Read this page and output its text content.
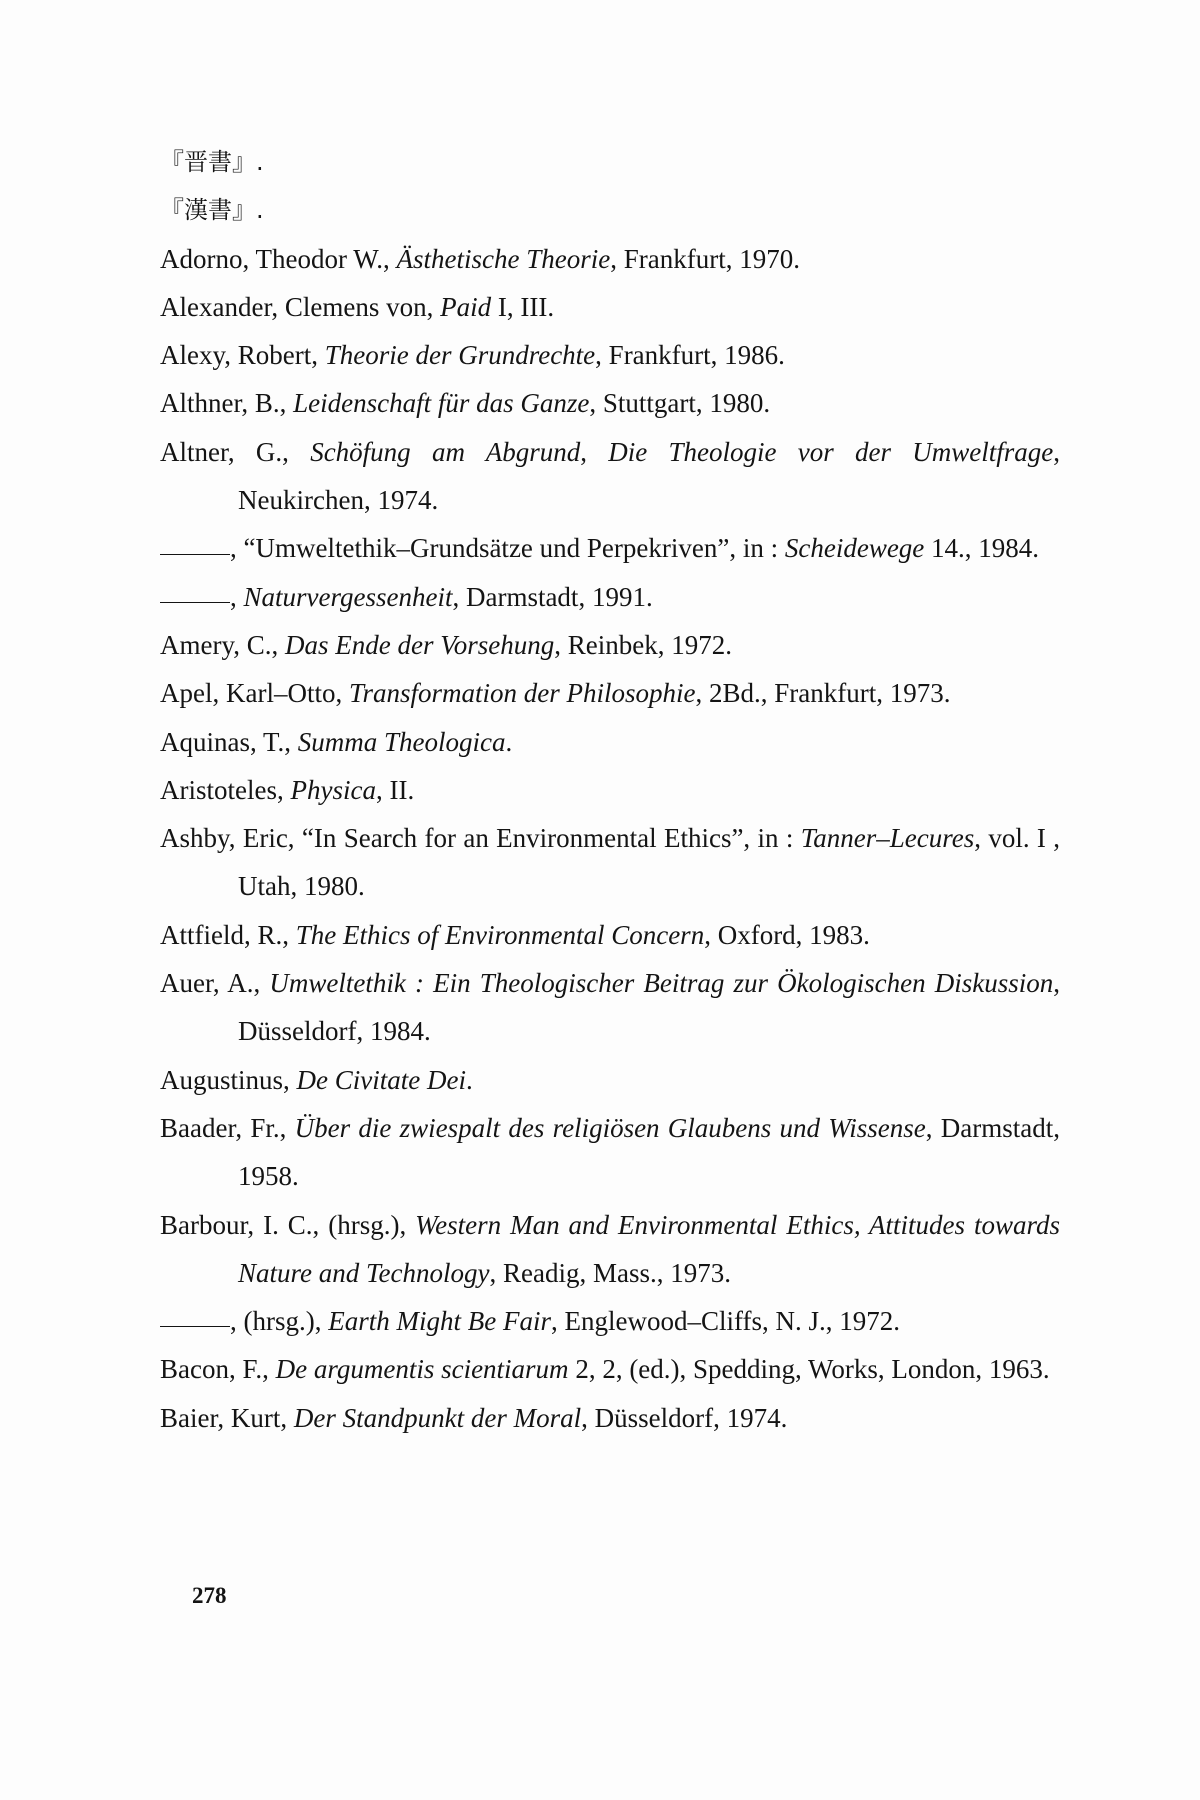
『晋書』.

『漢書』.

Adorno, Theodor W., Ästhetische Theorie, Frankfurt, 1970.

Alexander, Clemens von, Paid I, III.

Alexy, Robert, Theorie der Grundrechte, Frankfurt, 1986.

Althner, B., Leidenschaft für das Ganze, Stuttgart, 1980.

Altner, G., Schöfung am Abgrund, Die Theologie vor der Umweltfrage, Neukirchen, 1974.

, “Umweltethik–Grundsätze und Perpekriven”, in : Scheidewege 14., 1984.

, Naturvergessenheit, Darmstadt, 1991.

Amery, C., Das Ende der Vorsehung, Reinbek, 1972.

Apel, Karl–Otto, Transformation der Philosophie, 2Bd., Frankfurt, 1973.

Aquinas, T., Summa Theologica.

Aristoteles, Physica, II.

Ashby, Eric, “In Search for an Environmental Ethics”, in : Tanner–Lecures, vol. I , Utah, 1980.

Attfield, R., The Ethics of Environmental Concern, Oxford, 1983.

Auer, A., Umweltethik : Ein Theologischer Beitrag zur Ökologischen Diskussion, Düsseldorf, 1984.

Augustinus, De Civitate Dei.

Baader, Fr., Über die zwiespalt des religiösen Glaubens und Wissense, Darmstadt, 1958.

Barbour, I. C., (hrsg.), Western Man and Environmental Ethics, Attitudes towards Nature and Technology, Readig, Mass., 1973.

, (hrsg.), Earth Might Be Fair, Englewood–Cliffs, N. J., 1972.

Bacon, F., De argumentis scientiarum 2, 2, (ed.), Spedding, Works, London, 1963.

Baier, Kurt, Der Standpunkt der Moral, Düsseldorf, 1974.

278
